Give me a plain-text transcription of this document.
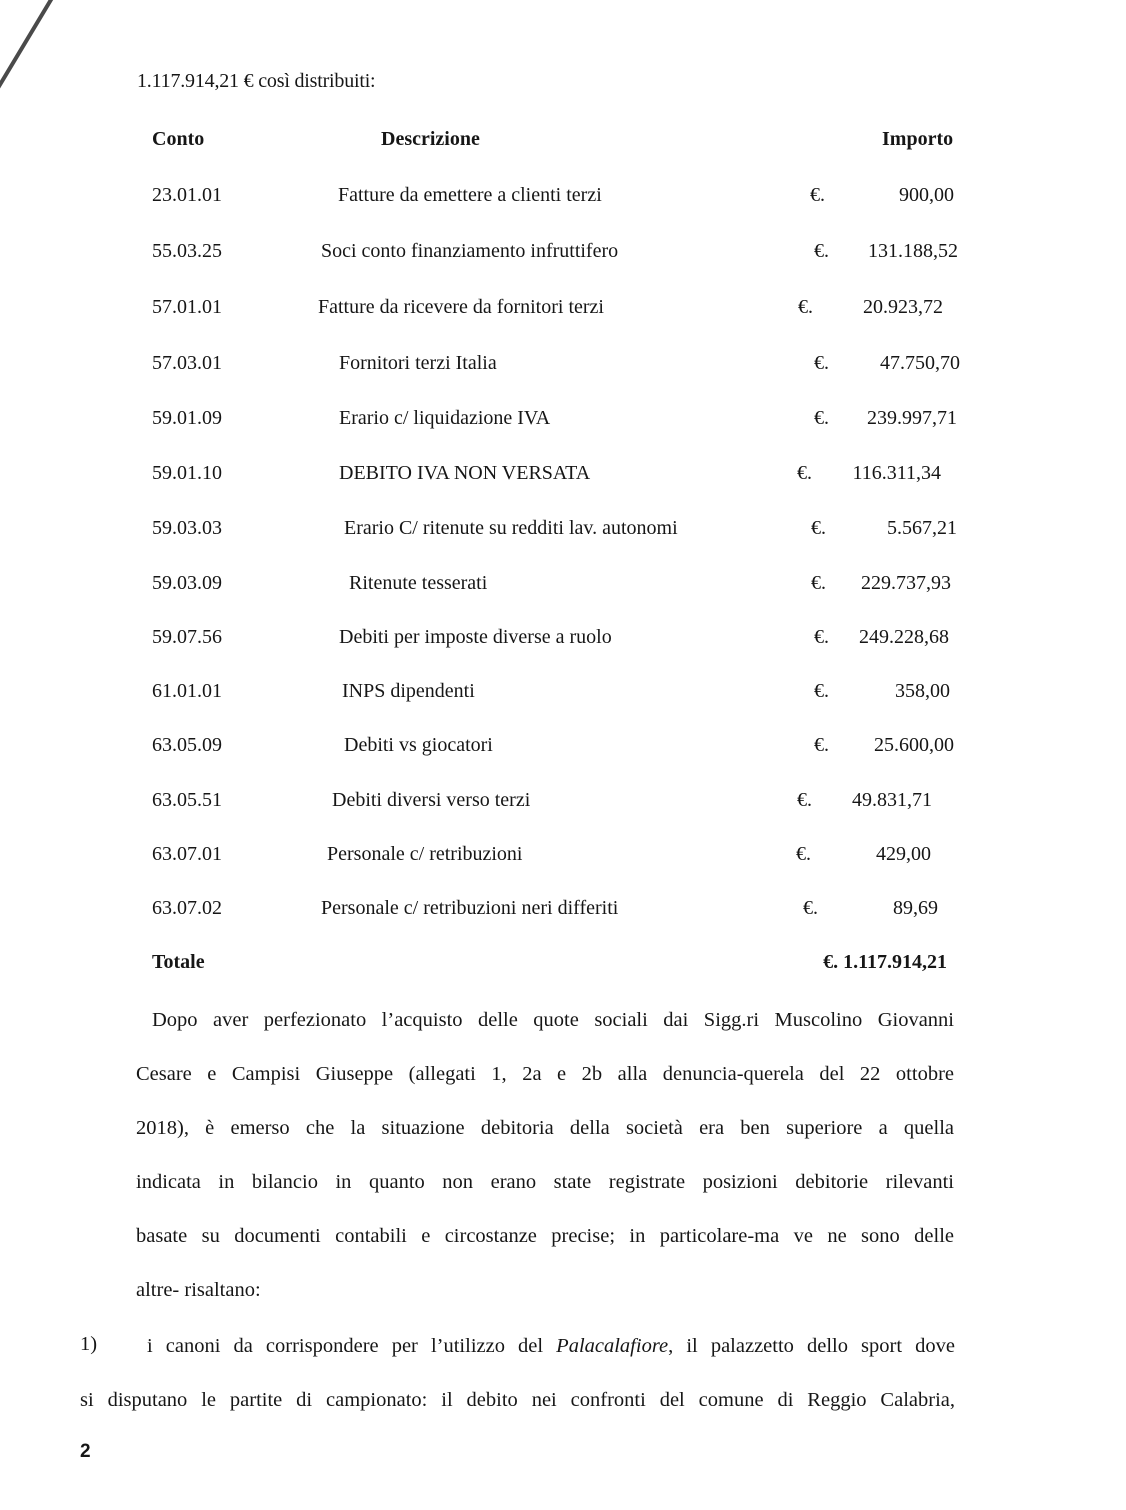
1.117.914,21 € così distribuiti:
Conto	Descrizione	Importo
23.01.01	Fatture da emettere a clienti terzi	€.	900,00
55.03.25	Soci conto finanziamento infruttifero	€. 131.188,52
57.01.01	Fatture da ricevere da fornitori terzi	€.	20.923,72
57.03.01	Fornitori terzi Italia	€.	47.750,70
59.01.09	Erario c/ liquidazione IVA	€. 239.997,71
59.01.10	DEBITO IVA NON VERSATA	€. 116.311,34
59.03.03	Erario C/ ritenute su redditi lav. autonomi	€.	5.567,21
59.03.09	Ritenute tesserati	€. 229.737,93
59.07.56	Debiti per imposte diverse a ruolo	€. 249.228,68
61.01.01	INPS dipendenti	€.	358,00
63.05.09	Debiti vs giocatori	€. 25.600,00
63.05.51	Debiti diversi verso terzi	€. 49.831,71
63.07.01	Personale c/ retribuzioni	€.	429,00
63.07.02	Personale c/ retribuzioni neri differiti	€.	89,69
Totale	€. 1.117.914,21
Dopo aver perfezionato l’acquisto delle quote sociali dai Sigg.ri Muscolino Giovanni
Cesare e Campisi Giuseppe (allegati 1, 2a e 2b alla denuncia-querela del 22 ottobre
2018), è emerso che la situazione debitoria della società era ben superiore a quella
indicata in bilancio in quanto non erano state registrate posizioni debitorie rilevanti
basate su documenti contabili e circostanze precise; in particolare-ma ve ne sono delle
altre- risaltano:
1) i canoni da corrispondere per l’utilizzo del Palacalafiore, il palazzetto dello sport dove
si disputano le partite di campionato: il debito nei confronti del comune di Reggio Calabria,
2
